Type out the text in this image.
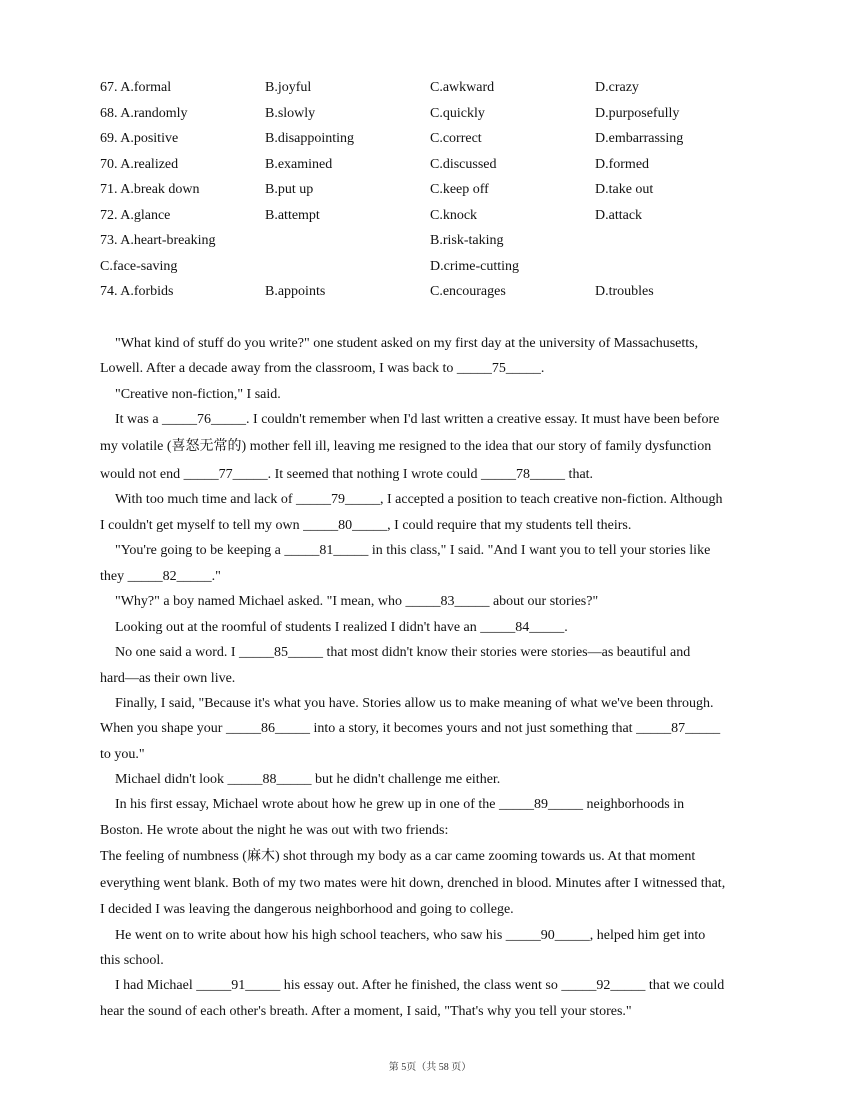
67. A.formal	B.joyful	C.awkward	D.crazy
68. A.randomly	B.slowly	C.quickly	D.purposefully
69. A.positive	B.disappointing	C.correct	D.embarrassing
70. A.realized	B.examined	C.discussed	D.formed
71. A.break down	B.put up	C.keep off	D.take out
72. A.glance	B.attempt	C.knock	D.attack
73. A.heart-breaking	B.risk-taking
C.face-saving	D.crime-cutting
74. A.forbids	B.appoints	C.encourages	D.troubles
"What kind of stuff do you write?" one student asked on my first day at the university of Massachusetts,
Lowell. After a decade away from the classroom, I was back to _____75_____.
"Creative non-fiction," I said.
It was a _____76_____. I couldn't remember when I'd last written a creative essay. It must have been before
my volatile (喜怒无常的) mother fell ill, leaving me resigned to the idea that our story of family dysfunction
would not end _____77_____. It seemed that nothing I wrote could _____78_____ that.
With too much time and lack of _____79_____, I accepted a position to teach creative non-fiction. Although
I couldn't get myself to tell my own _____80_____, I could require that my students tell theirs.
"You're going to be keeping a _____81_____ in this class," I said. "And I want you to tell your stories like
they _____82_____."
"Why?" a boy named Michael asked. "I mean, who _____83_____ about our stories?"
Looking out at the roomful of students I realized I didn't have an _____84_____.
No one said a word. I _____85_____ that most didn't know their stories were stories—as beautiful and
hard—as their own live.
Finally, I said, "Because it's what you have. Stories allow us to make meaning of what we've been through.
When you shape your _____86_____ into a story, it becomes yours and not just something that _____87_____
to you."
Michael didn't look _____88_____ but he didn't challenge me either.
In his first essay, Michael wrote about how he grew up in one of the _____89_____ neighborhoods in
Boston. He wrote about the night he was out with two friends:
The feeling of numbness (麻木) shot through my body as a car came zooming towards us. At that moment
everything went blank. Both of my two mates were hit down, drenched in blood. Minutes after I witnessed that,
I decided I was leaving the dangerous neighborhood and going to college.
He went on to write about how his high school teachers, who saw his _____90_____, helped him get into
this school.
I had Michael _____91_____ his essay out. After he finished, the class went so _____92_____ that we could
hear the sound of each other's breath. After a moment, I said, "That's why you tell your stores."
第 5页（共 58 页）
